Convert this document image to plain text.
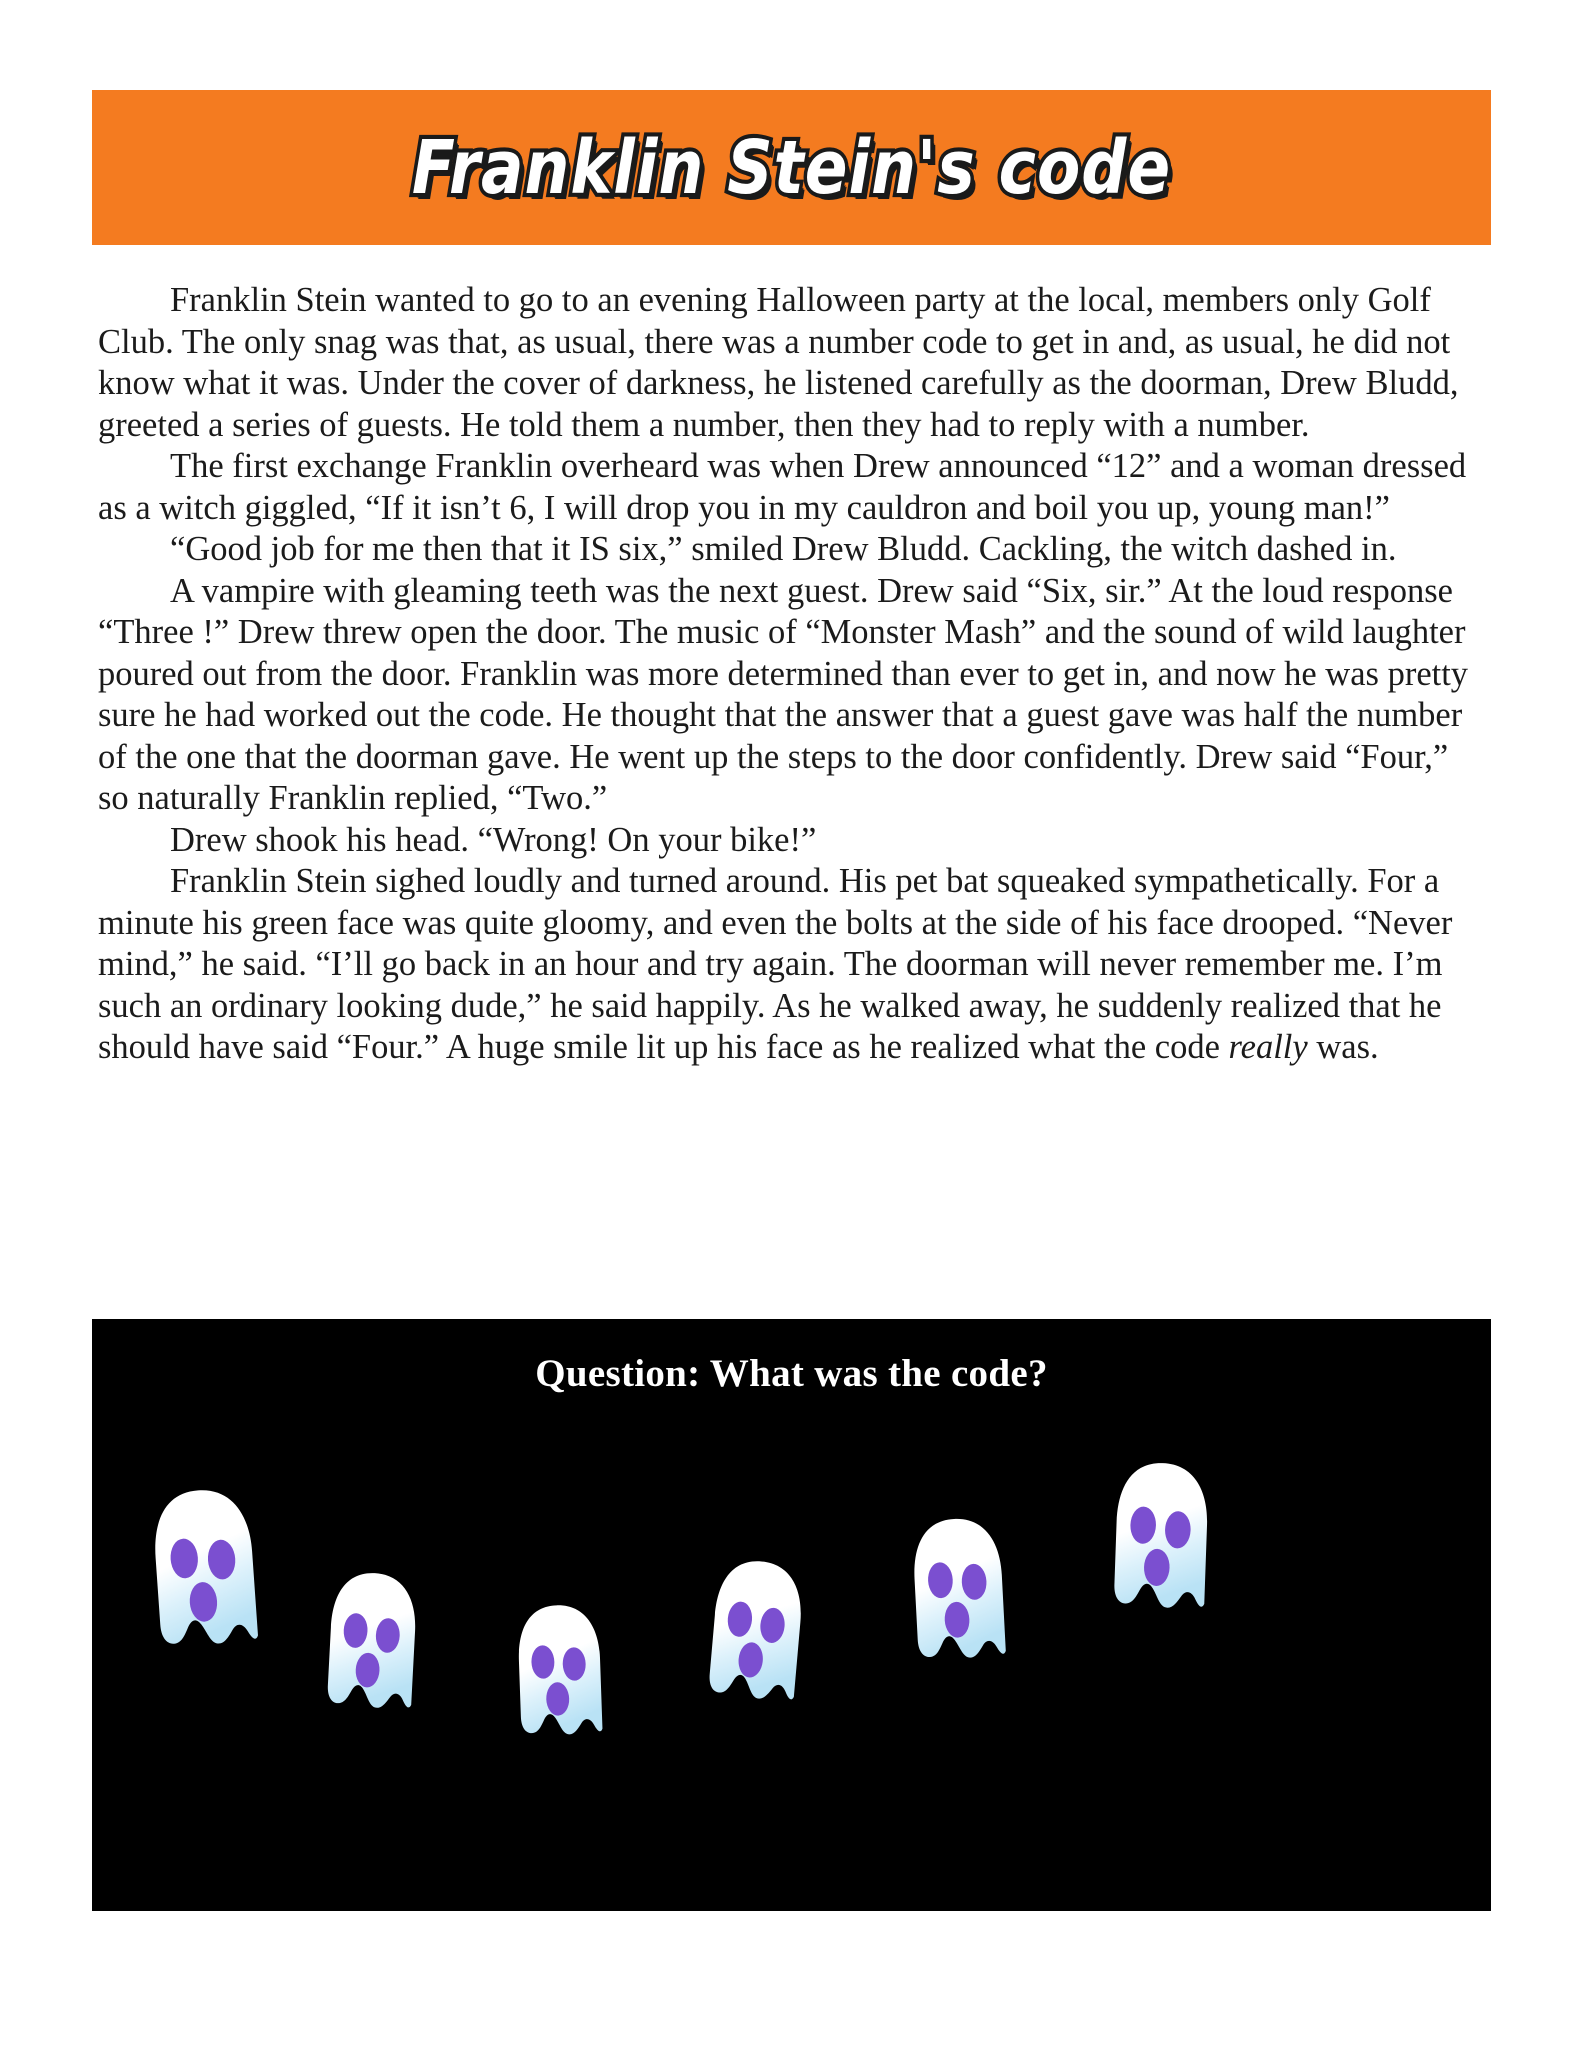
Franklin Stein's code

Franklin Stein wanted to go to an evening Halloween party at the local, members only Golf Club. The only snag was that, as usual, there was a number code to get in and, as usual, he did not know what it was. Under the cover of darkness, he listened carefully as the doorman, Drew Bludd, greeted a series of guests. He told them a number, then they had to reply with a number.

The first exchange Franklin overheard was when Drew announced “12” and a woman dressed as a witch giggled, “If it isn’t 6, I will drop you in my cauldron and boil you up, young man!”

“Good job for me then that it IS six,” smiled Drew Bludd. Cackling, the witch dashed in.

A vampire with gleaming teeth was the next guest. Drew said “Six, sir.” At the loud response “Three !” Drew threw open the door. The music of “Monster Mash” and the sound of wild laughter poured out from the door. Franklin was more determined than ever to get in, and now he was pretty sure he had worked out the code. He thought that the answer that a guest gave was half the number of the one that the doorman gave. He went up the steps to the door confidently. Drew said “Four,” so naturally Franklin replied, “Two.”

Drew shook his head. “Wrong! On your bike!”

Franklin Stein sighed loudly and turned around. His pet bat squeaked sympathetically. For a minute his green face was quite gloomy, and even the bolts at the side of his face drooped. “Never mind,” he said. “I’ll go back in an hour and try again. The doorman will never remember me. I’m such an ordinary looking dude,” he said happily. As he walked away, he suddenly realized that he should have said “Four.” A huge smile lit up his face as he realized what the code really was.

Question: What was the code?
